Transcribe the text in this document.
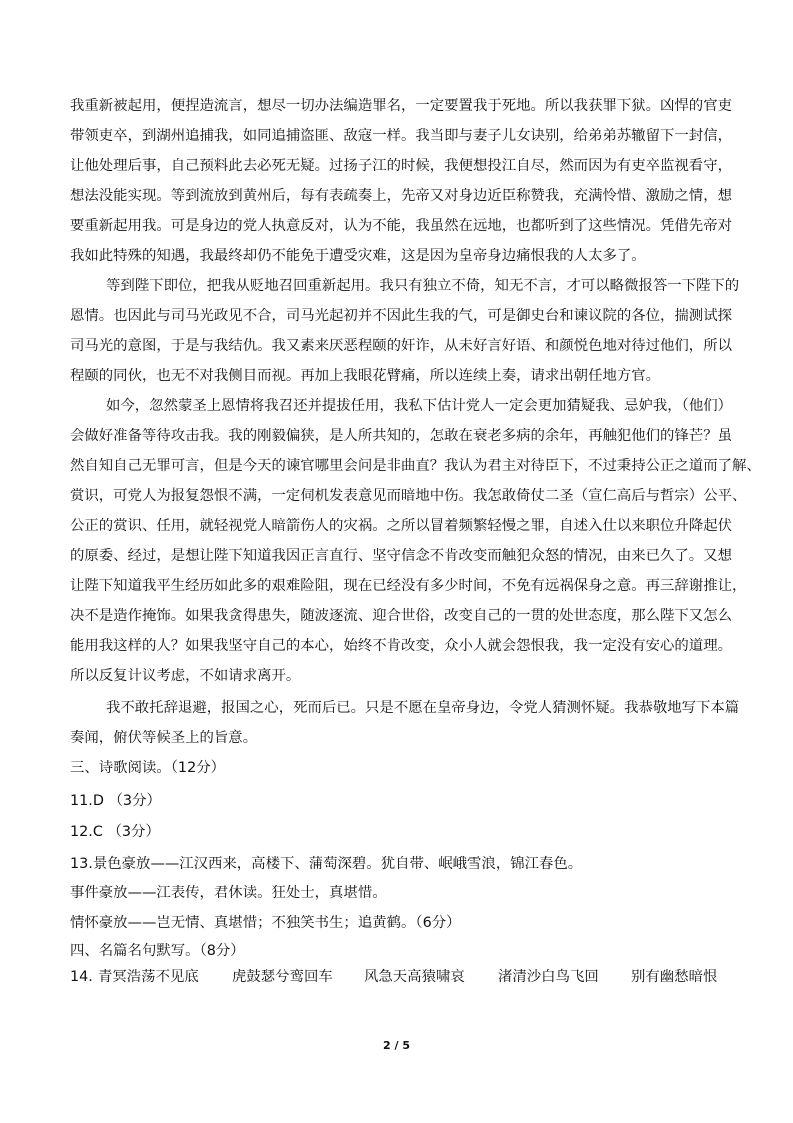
我重新被起用，便捏造流言，想尽一切办法编造罪名，一定要置我于死地。所以我获罪下狱。凶悍的官吏
带领吏卒，到湖州追捕我，如同追捕盗匪、敌寇一样。我当即与妻子儿女诀别，给弟弟苏辙留下一封信，
让他处理后事，自己预料此去必死无疑。过扬子江的时候，我便想投江自尽，然而因为有吏卒监视看守，
想法没能实现。等到流放到黄州后，每有表疏奏上，先帝又对身边近臣称赞我，充满怜惜、激励之情，想
要重新起用我。可是身边的党人执意反对，认为不能，我虽然在远地，也都听到了这些情况。凭借先帝对
我如此特殊的知遇，我最终却仍不能免于遭受灾难，这是因为皇帝身边痛恨我的人太多了。
等到陛下即位，把我从贬地召回重新起用。我只有独立不倚，知无不言，才可以略微报答一下陛下的
恩情。也因此与司马光政见不合，司马光起初并不因此生我的气，可是御史台和谏议院的各位，揣测试探
司马光的意图，于是与我结仇。我又素来厌恶程颐的奸诈，从未好言好语、和颜悦色地对待过他们，所以
程颐的同伙，也无不对我侧目而视。再加上我眼花臂痛，所以连续上奏，请求出朝任地方官。
如今，忽然蒙圣上恩情将我召还并提拔任用，我私下估计党人一定会更加猜疑我、忌妒我，（他们）
会做好准备等待攻击我。我的刚毅偏狭，是人所共知的，怎敢在衰老多病的余年，再触犯他们的锋芒？虽
然自知自己无罪可言，但是今天的谏官哪里会问是非曲直？我认为君主对待臣下，不过秉持公正之道而了解、
赏识，可党人为报复怨恨不满，一定伺机发表意见而暗地中伤。我怎敢倚仗二圣（宣仁高后与哲宗）公平、
公正的赏识、任用，就轻视党人暗箭伤人的灾祸。之所以冒着频繁轻慢之罪，自述入仕以来职位升降起伏
的原委、经过，是想让陛下知道我因正言直行、坚守信念不肯改变而触犯众怒的情况，由来已久了。又想
让陛下知道我平生经历如此多的艰难险阻，现在已经没有多少时间，不免有远祸保身之意。再三辞谢推让，
决不是造作掩饰。如果我贪得患失，随波逐流、迎合世俗，改变自己的一贯的处世态度，那么陛下又怎么
能用我这样的人？如果我坚守自己的本心，始终不肯改变，众小人就会怨恨我，我一定没有安心的道理。
所以反复计议考虑，不如请求离开。
我不敢托辞退避，报国之心，死而后已。只是不愿在皇帝身边，令党人猜测怀疑。我恭敬地写下本篇
奏闻，俯伏等候圣上的旨意。
三、诗歌阅读。（12分）
11.D （3分）
12.C （3分）
13.景色豪放——江汉西来，高楼下、蒲萄深碧。犹自带、岷峨雪浪，锦江春色。
事件豪放——江表传，君休读。狂处士，真堪惜。
情怀豪放——岂无情、真堪惜；不独笑书生；追黄鹤。（6分）
四、名篇名句默写。（8分）
14. 青冥浩荡不见底 虎鼓瑟兮鸾回车 风急天高猿啸哀 渚清沙白鸟飞回 别有幽愁暗恨
2 / 5
